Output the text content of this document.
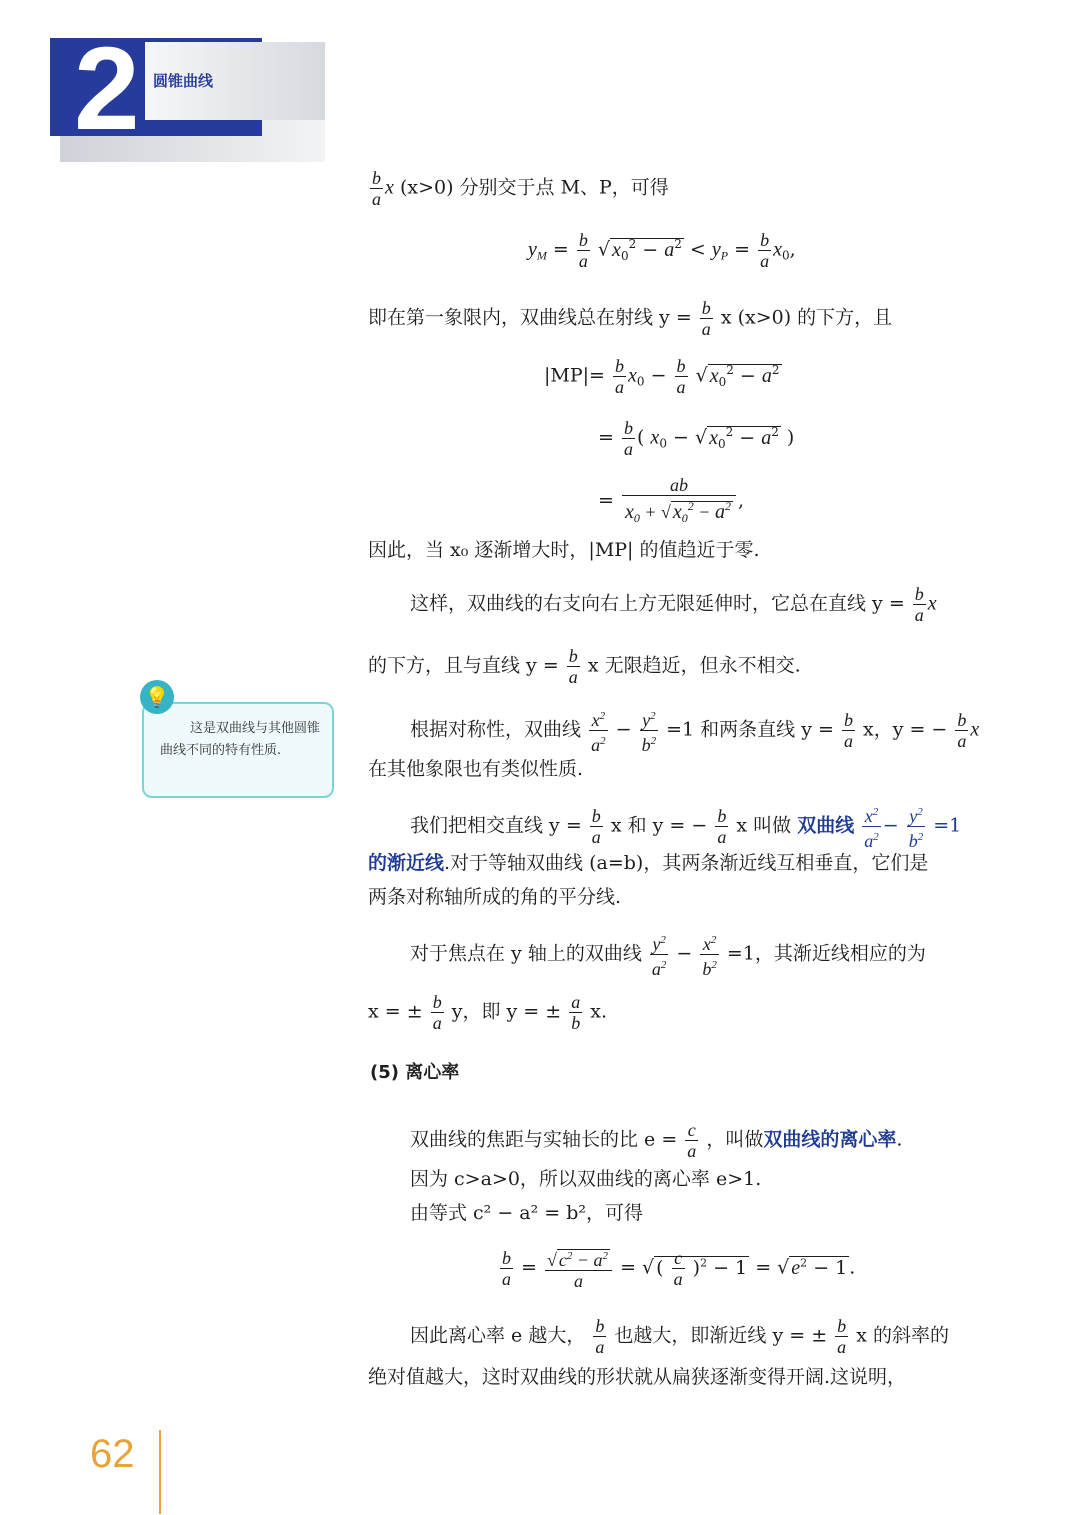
2 圆锥曲线
$\frac{b}{a}$ x (x>0) 分别交于点 M、P，可得
$y_M = \frac{b}{a}$ √ $x_0^2 - a^2 < y_P = \frac{b}{a} x_0$,
即在第一象限内，双曲线总在射线 $y = \frac{b}{a}$ x (x>0) 的下方，且
$|MP|= \frac{b}{a} x_0 - \frac{b}{a}$ √ $x_0^2 - a^2$
= $\frac{b}{a}$ ( $x_0$ − √ $x_0^2 - a^2$ )
= $\frac{ab}{x_0 + √ x_0^2 - a^2}$ ,
因此，当 x₀ 逐渐增大时，|MP| 的值趋近于零.
这样，双曲线的右支向右上方无限延伸时，它总在直线 $y = \frac{b}{a}$ x
的下方，且与直线 $y = \frac{b}{a}$ x 无限趋近，但永不相交.
💡
这是双曲线与其他圆锥曲线不同的特有性质.
根据对称性，双曲线 $\frac{x^2}{a^2} - \frac{y^2}{b^2} =1$ 和两条直线 $y = \frac{b}{a}$ x，y = − $\frac{b}{a}$ x
在其他象限也有类似性质.
我们把相交直线 $y = \frac{b}{a}$ x 和 y = − $\frac{b}{a}$ x 叫做 双曲线 $\frac{x^2}{a^2} - \frac{y^2}{b^2} =1$
的渐近线.对于等轴双曲线 (a=b)，其两条渐近线互相垂直，它们是
两条对称轴所成的角的平分线.
对于焦点在 y 轴上的双曲线 $\frac{y^2}{a^2} - \frac{x^2}{b^2} =1$，其渐近线相应的为
x = ± $\frac{b}{a}$ y，即 y = ± $\frac{a}{b} x$.
(5) 离心率
双曲线的焦距与实轴长的比 $e = \frac{c}{a}$ ，叫做双曲线的离心率.
因为 c>a>0，所以双曲线的离心率 e>1.
由等式 c² − a² = b²，可得
$\frac{b}{a} = \frac{√ c^2 - a^2}{a}$ = √ ( $\frac{c}{a} )^2 - 1$ = √ $e^2 - 1$ .
因此离心率 e 越大， $\frac{b}{a}$ 也越大，即渐近线 y = ± $\frac{b}{a}$ x 的斜率的
绝对值越大，这时双曲线的形状就从扁狭逐渐变得开阔.这说明，
62
